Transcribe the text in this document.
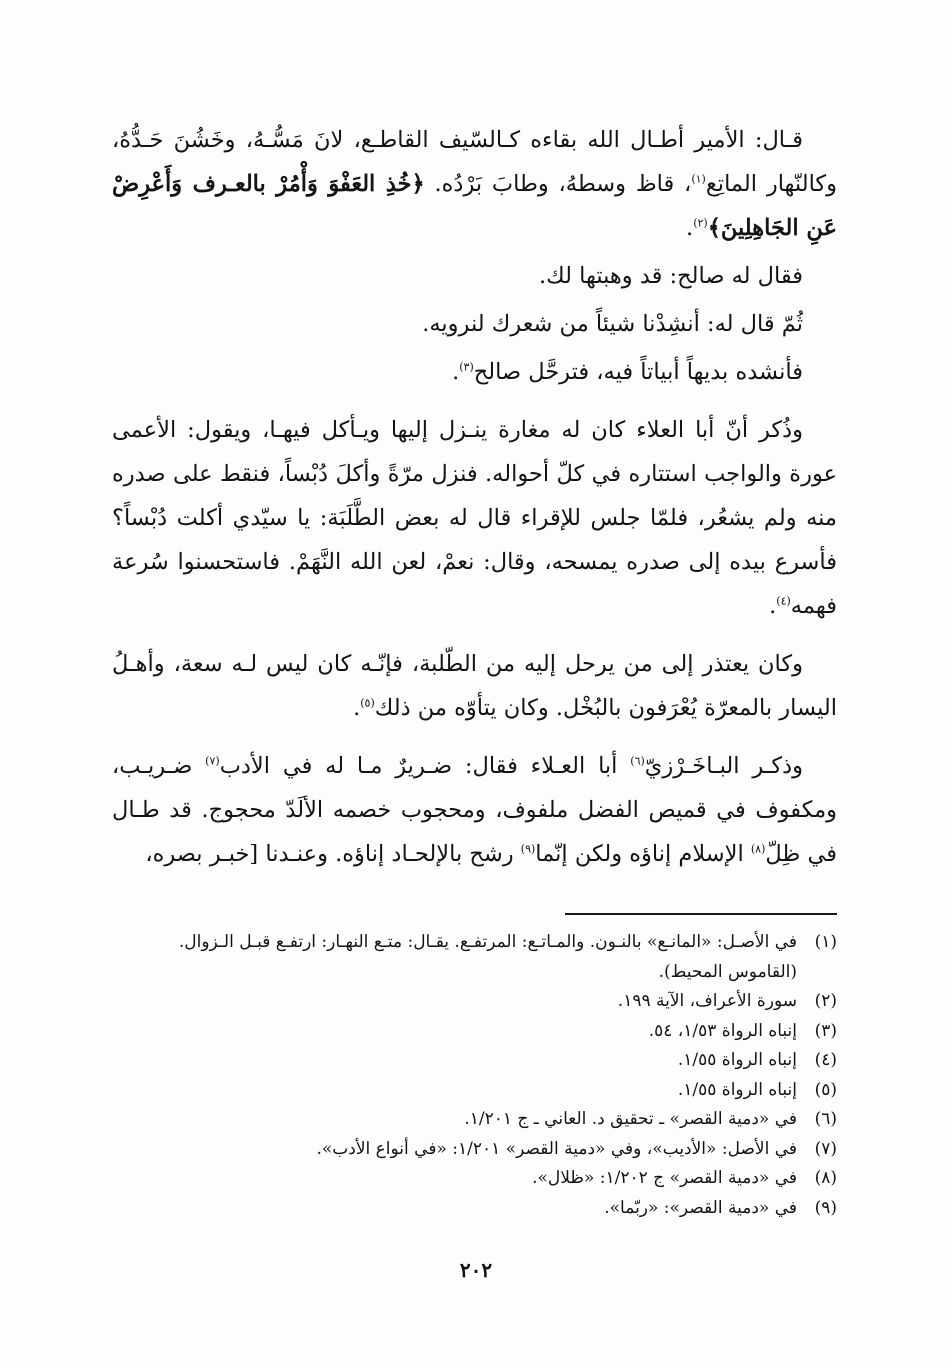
قـال: الأمير أطـال الله بقاءه كـالسّيف القاطـع، لانَ مَسُّـهُ، وخَشُنَ حَـدُّهُ، وكالنّهار الماتِع$^{(١)}$، قاظ وسطهُ، وطابَ بَرْدُه. ﴿خُذِ العَفْوَ وَأْمُرْ بالعـرف وَأَعْرِضْ عَنِ الجَاهِلِينَ﴾$^{(٢)}$.

فقال له صالح: قد وهبتها لك.

ثُمّ قال له: أنشِدْنا شيئاً من شعرك لنرويه.

فأنشده بديهاً أبياتاً فيه، فترحَّل صالح$^{(٣)}$.

وذُكر أنّ أبا العلاء كان له مغارة ينـزل إليها ويـأكل فيهـا، ويقول: الأعمى عورة والواجب استتاره في كلّ أحواله. فنزل مرّةً وأكلَ دُبْساً، فنقط على صدره منه ولم يشعُر، فلمّا جلس للإقراء قال له بعض الطَّلَبَة: يا سيّدي أكلت دُبْساً؟ فأسرع بيده إلى صدره يمسحه، وقال: نعمْ، لعن الله النَّهَمْ. فاستحسنوا سُرعة فهمه$^{(٤)}$.

وكان يعتذر إلى من يرحل إليه من الطّلبة، فإنّـه كان ليس لـه سعة، وأهـلُ اليسار بالمعرّة يُعْرَفون بالبُخْل. وكان يتأوّه من ذلك$^{(٥)}$.

وذكـر البـاخَـرْزيّ$^{(٦)}$ أبا العـلاء فقال: ضـريرٌ مـا له في الأدب$^{(٧)}$ ضـريـب، ومكفوف في قميص الفضل ملفوف، ومحجوب خصمه الألَدّ محجوج. قد طـال في ظِلّ$^{(٨)}$ الإسلام إناؤه ولكن إنّما$^{(٩)}$ رشح بالإلحـاد إناؤه. وعنـدنا [خبـر بصره،

(١)
في الأصـل: «المانـع» بالنـون. والمـاتـع: المرتفـع. يقـال: متـع النهـار: ارتفـع قبـل الـزوال.
(القاموس المحيط).
(٢)
سورة الأعراف، الآية ١٩٩.
(٣)
إنباه الرواة ١/٥٣، ٥٤.
(٤)
إنباه الرواة ١/٥٥.
(٥)
إنباه الرواة ١/٥٥.
(٦)
في «دمية القصر» ـ تحقيق د. العاني ـ ج ١/٢٠١.
(٧)
في الأصل: «الأديب»، وفي «دمية القصر» ١/٢٠١: «في أنواع الأدب».
(٨)
في «دمية القصر» ج ١/٢٠٢: «ظلال».
(٩)
في «دمية القصر»: «ربّما».
٢٠٢
